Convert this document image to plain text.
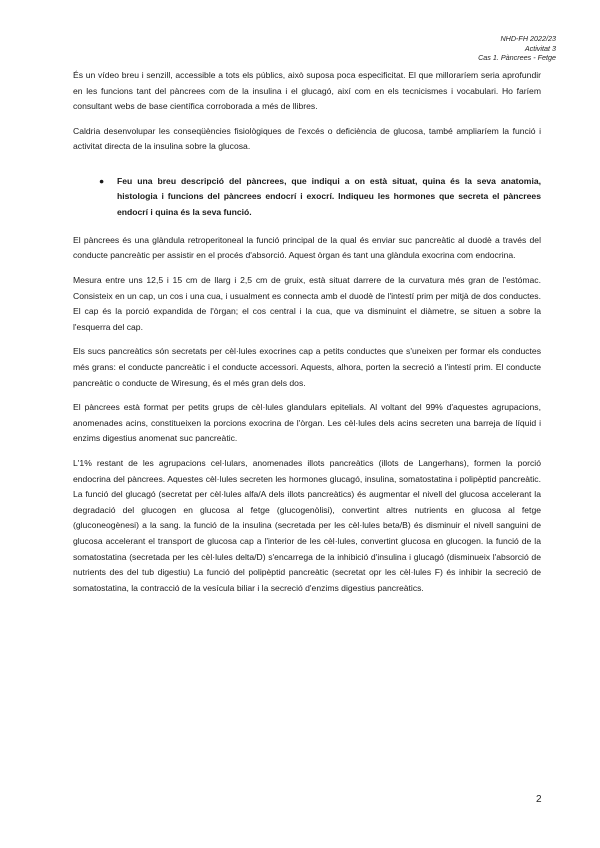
NHD-FH 2022/23
Activitat 3
Cas 1. Pàncrees - Fetge

És un vídeo breu i senzill, accessible a tots els públics, això suposa poca especificitat. El que milloraríem seria aprofundir en les funcions tant del pàncrees com de la insulina i el glucagó, així com en els tecnicismes i vocabulari. Ho faríem consultant webs de base científica corroborada a més de llibres.

Caldria desenvolupar les conseqüències fisiològiques de l'excés o deficiència de glucosa, també ampliaríem la funció i activitat directa de la insulina sobre la glucosa.

● Feu una breu descripció del pàncrees, que indiqui a on està situat, quina és la seva anatomia, histologia i funcions del pàncrees endocrí i exocrí. Indiqueu les hormones que secreta el pàncrees endocrí i quina és la seva funció.

El pàncrees és una glàndula retroperitoneal la funció principal de la qual és enviar suc pancreàtic al duodè a través del conducte pancreàtic per assistir en el procés d'absorció. Aquest òrgan és tant una glàndula exocrina com endocrina.

Mesura entre uns 12,5 i 15 cm de llarg i 2,5 cm de gruix, està situat darrere de la curvatura més gran de l'estómac. Consisteix en un cap, un cos i una cua, i usualment es connecta amb el duodè de l'intestí prim per mitjà de dos conductes. El cap és la porció expandida de l'òrgan; el cos central i la cua, que va disminuint el diàmetre, se situen a sobre la l'esquerra del cap.

Els sucs pancreàtics són secretats per cèl·lules exocrines cap a petits conductes que s'uneixen per formar els conductes més grans: el conducte pancreàtic i el conducte accessori. Aquests, alhora, porten la secreció a l'intestí prim. El conducte pancreàtic o conducte de Wiresung, és el més gran dels dos.

El pàncrees està format per petits grups de cèl·lules glandulars epitelials. Al voltant del 99% d'aquestes agrupacions, anomenades acins, constitueixen la porcions exocrina de l'òrgan. Les cèl·lules dels acins secreten una barreja de líquid i enzims digestius anomenat suc pancreàtic.

L'1% restant de les agrupacions cel·lulars, anomenades illots pancreàtics (illots de Langerhans), formen la porció endocrina del pàncrees. Aquestes cèl·lules secreten les hormones glucagó, insulina, somatostatina i polipèptid pancreàtic. La funció del glucagó (secretat per cèl·lules alfa/A dels illots pancreàtics) és augmentar el nivell del glucosa accelerant la degradació del glucogen en glucosa al fetge (glucogenòlisi), convertint altres nutrients en glucosa al fetge (gluconeogènesi) a la sang. la funció de la insulina (secretada per les cèl·lules beta/B) és disminuir el nivell sanguini de glucosa accelerant el transport de glucosa cap a l'interior de les cèl·lules, convertint glucosa en glucogen. la funció de la somatostatina (secretada per les cèl·lules delta/D) s'encarrega de la inhibició d'insulina i glucagó (disminueix l'absorció de nutrients des del tub digestiu) La funció del polipèptid pancreàtic (secretat opr les cèl·lules F) és inhibir la secreció de somatostatina, la contracció de la vesícula biliar i la secreció d'enzims digestius pancreàtics.

2
